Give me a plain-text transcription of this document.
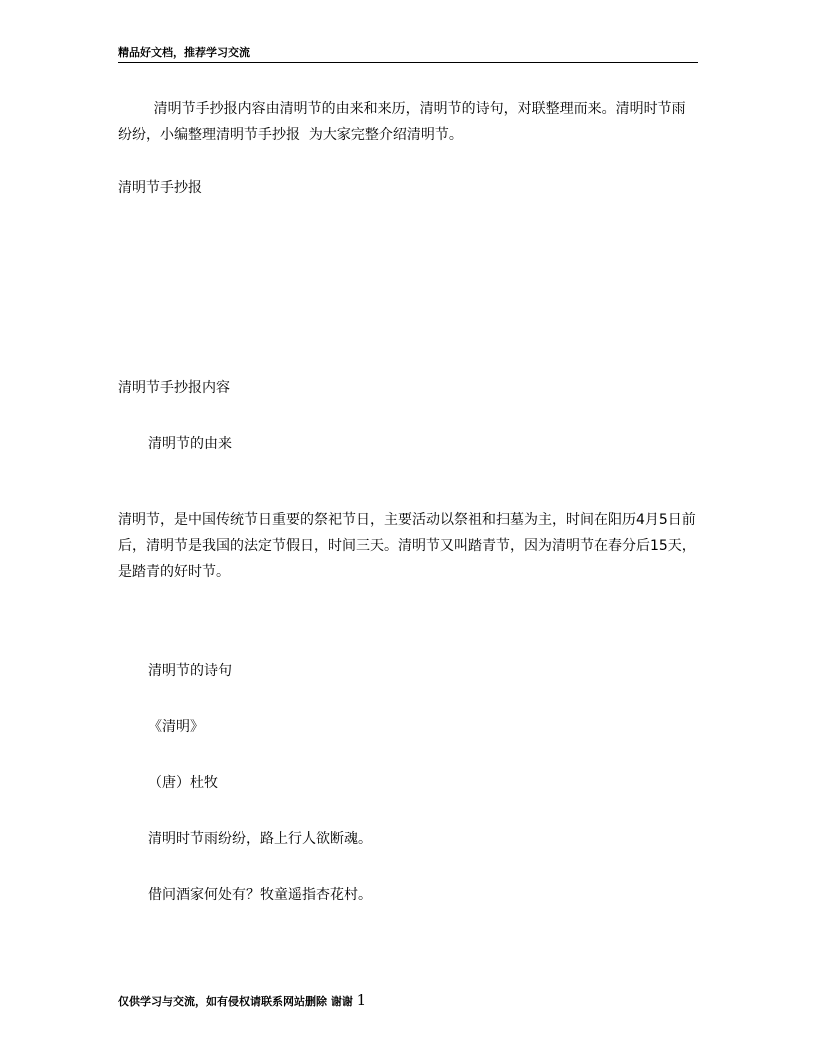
精品好文档，推荐学习交流
清明节手抄报内容由清明节的由来和来历，清明节的诗句，对联整理而来。清明时节雨纷纷，小编整理清明节手抄报  为大家完整介绍清明节。
清明节手抄报
清明节手抄报内容
清明节的由来
清明节，是中国传统节日重要的祭祀节日，主要活动以祭祖和扫墓为主，时间在阳历4月5日前后，清明节是我国的法定节假日，时间三天。清明节又叫踏青节，因为清明节在春分后15天，是踏青的好时节。
清明节的诗句
《清明》
（唐）杜牧
清明时节雨纷纷，路上行人欲断魂。
借问酒家何处有？牧童遥指杏花村。
仅供学习与交流，如有侵权请联系网站删除 谢谢 1
